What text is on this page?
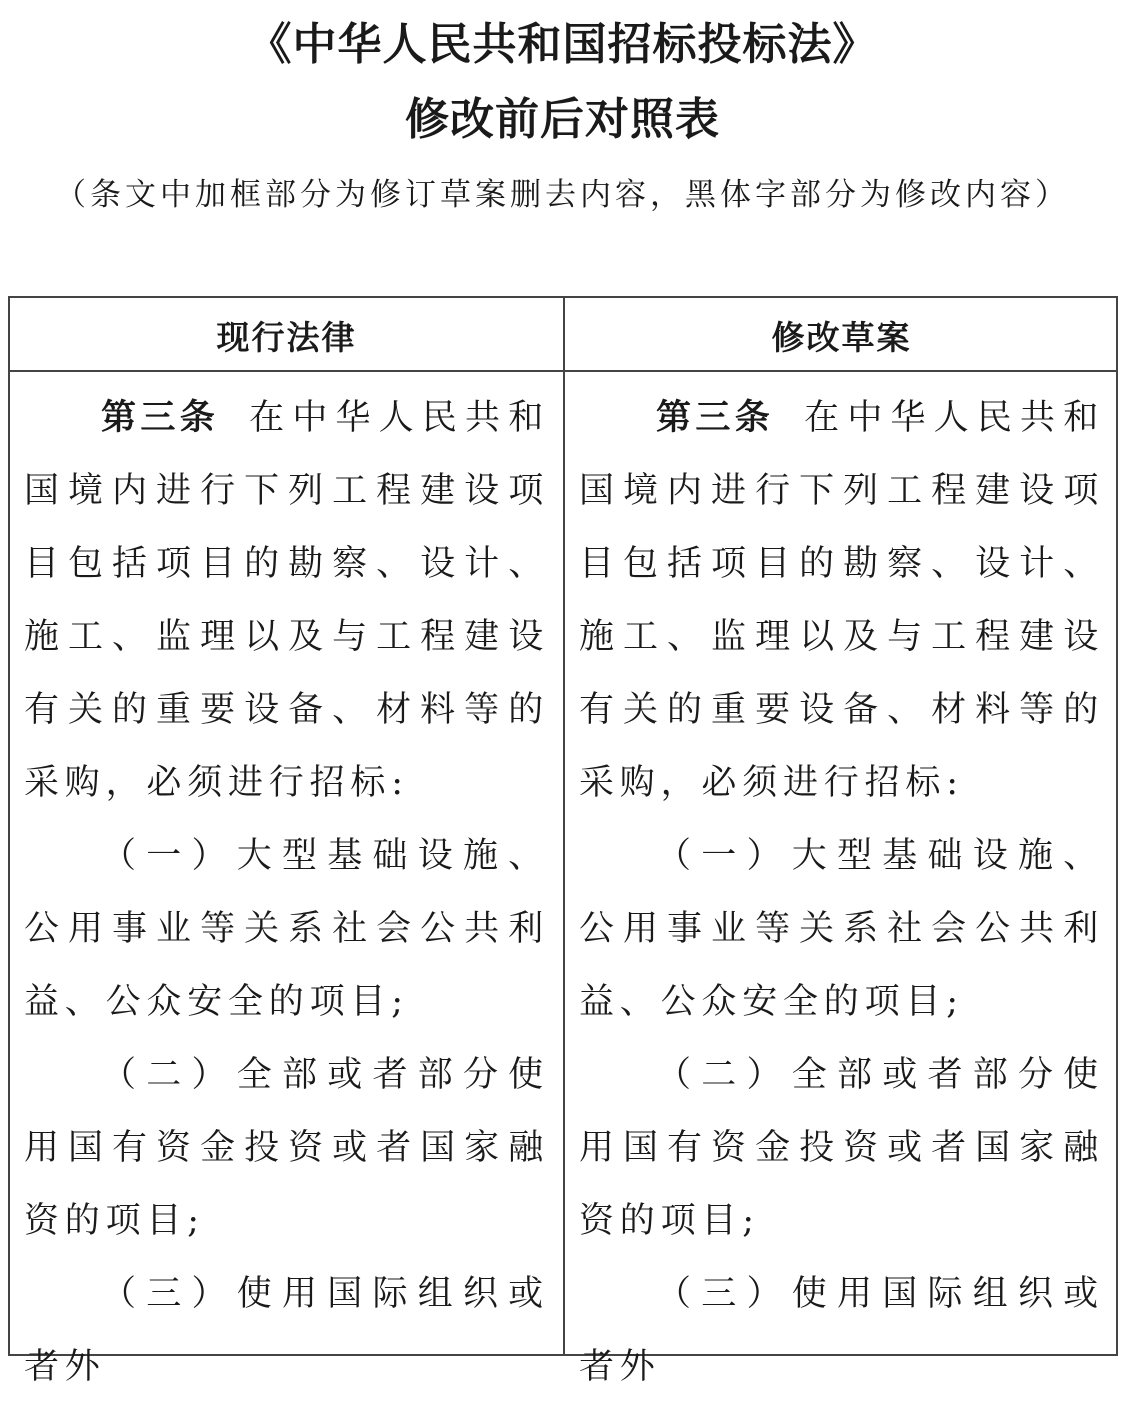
《中华人民共和国招标投标法》
修改前后对照表

（条文中加框部分为修订草案删去内容，黑体字部分为修改内容）

现行法律	修改草案

第三条 在中华人民共和国境内进行下列工程建设项目包括项目的勘察、设计、施工、监理以及与工程建设有关的重要设备、材料等的采购，必须进行招标:

（一）大型基础设施、公用事业等关系社会公共利益、公众安全的项目;

（二）全部或者部分使用国有资金投资或者国家融资的项目;

（三）使用国际组织或者外

第三条 在中华人民共和国境内进行下列工程建设项目包括项目的勘察、设计、施工、监理以及与工程建设有关的重要设备、材料等的采购，必须进行招标:

（一）大型基础设施、公用事业等关系社会公共利益、公众安全的项目;

（二）全部或者部分使用国有资金投资或者国家融资的项目;

（三）使用国际组织或者外
